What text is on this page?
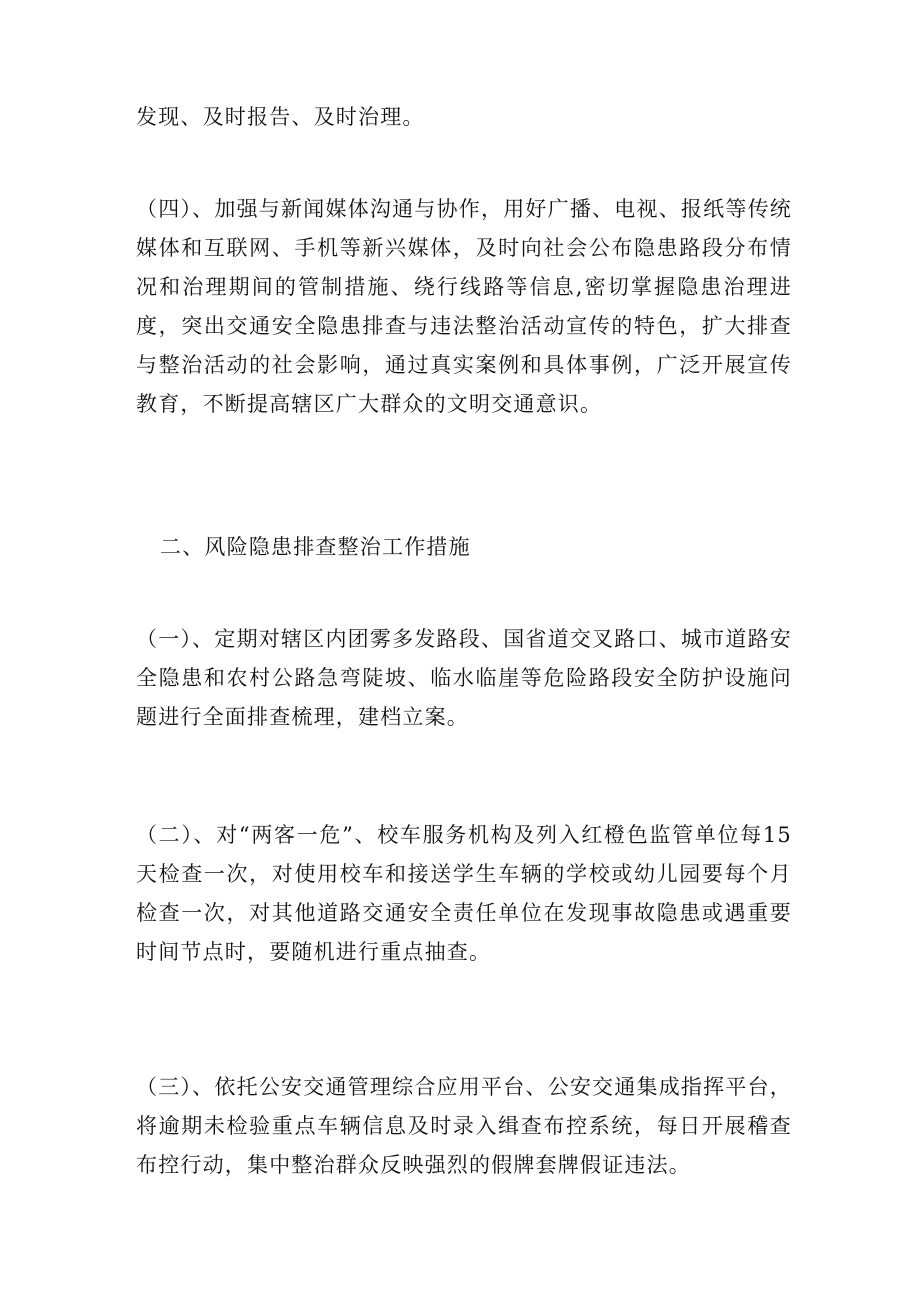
发现、及时报告、及时治理。

（四）、加强与新闻媒体沟通与协作，用好广播、电视、报纸等传统媒体和互联网、手机等新兴媒体，及时向社会公布隐患路段分布情况和治理期间的管制措施、绕行线路等信息,密切掌握隐患治理进度，突出交通安全隐患排查与违法整治活动宣传的特色，扩大排查与整治活动的社会影响，通过真实案例和具体事例，广泛开展宣传教育，不断提高辖区广大群众的文明交通意识。

二、风险隐患排查整治工作措施

（一）、定期对辖区内团雾多发路段、国省道交叉路口、城市道路安全隐患和农村公路急弯陡坡、临水临崖等危险路段安全防护设施问题进行全面排查梳理，建档立案。

（二）、对“两客一危”、校车服务机构及列入红橙色监管单位每15天检查一次，对使用校车和接送学生车辆的学校或幼儿园要每个月检查一次，对其他道路交通安全责任单位在发现事故隐患或遇重要时间节点时，要随机进行重点抽查。

（三）、依托公安交通管理综合应用平台、公安交通集成指挥平台，将逾期未检验重点车辆信息及时录入缉查布控系统，每日开展稽查布控行动，集中整治群众反映强烈的假牌套牌假证违法。
